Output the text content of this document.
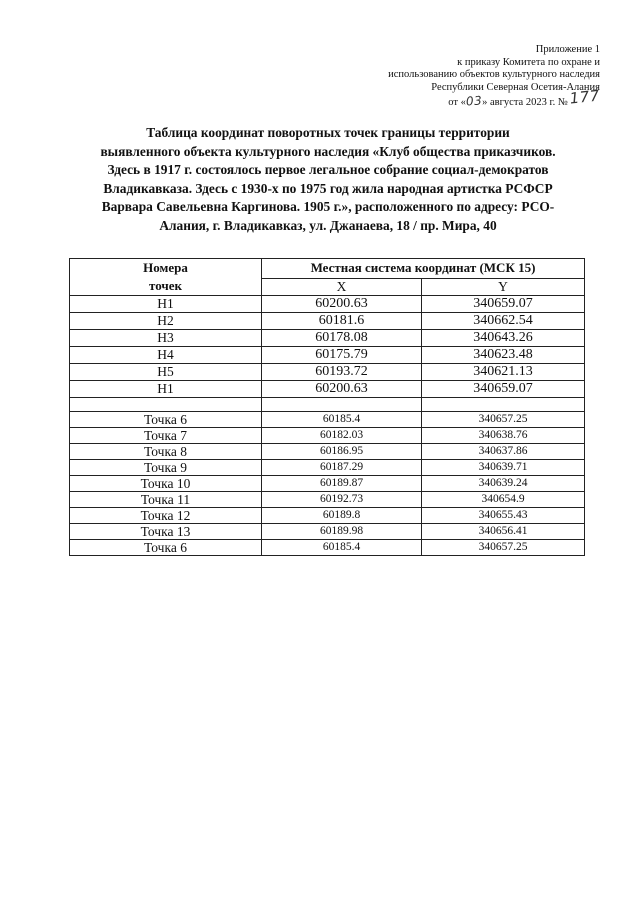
Приложение 1
к приказу Комитета по охране и
использованию объектов культурного наследия
Республики Северная Осетия-Алания
от «03» августа 2023 г. №177
Таблица координат поворотных точек границы территории
выявленного объекта культурного наследия «Клуб общества приказчиков.
Здесь в 1917 г. состоялось первое легальное собрание социал-демократов
Владикавказа. Здесь с 1930-х по 1975 год жила народная артистка РСФСР
Варвара Савельевна Каргинова. 1905 г.», расположенного по адресу: РСО-
Алания, г. Владикавказ, ул. Джанаева, 18 / пр. Мира, 40
Номера
точек	Местная система координат (МСК 15)	
	X	Y
Н1	60200.63	340659.07
Н2	60181.6	340662.54
Н3	60178.08	340643.26
Н4	60175.79	340623.48
Н5	60193.72	340621.13
Н1	60200.63	340659.07

Точка 6	60185.4	340657.25
Точка 7	60182.03	340638.76
Точка 8	60186.95	340637.86
Точка 9	60187.29	340639.71
Точка 10	60189.87	340639.24
Точка 11	60192.73	340654.9
Точка 12	60189.8	340655.43
Точка 13	60189.98	340656.41
Точка 6	60185.4	340657.25
